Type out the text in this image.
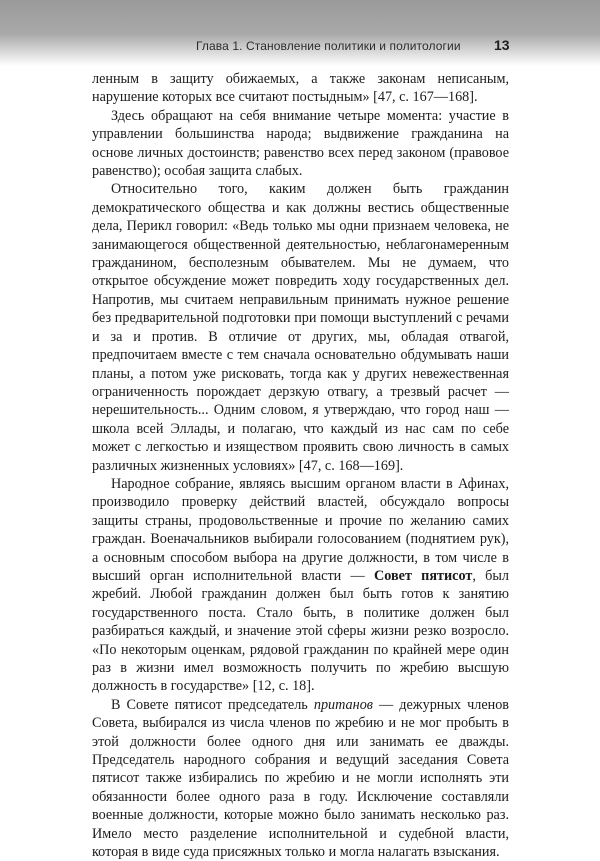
Глава 1. Становление политики и политологии 13

ленным в защиту обижаемых, а также законам неписаным, нарушение которых все считают постыдным» [47, с. 167—168].

Здесь обращают на себя внимание четыре момента: участие в управлении большинства народа; выдвижение гражданина на основе личных достоинств; равенство всех перед законом (правовое равенство); особая защита слабых.

Относительно того, каким должен быть гражданин демократического общества и как должны вестись общественные дела, Перикл говорил: «Ведь только мы одни признаем человека, не занимающегося общественной деятельностью, неблагонамеренным гражданином, бесполезным обывателем. Мы не думаем, что открытое обсуждение может повредить ходу государственных дел. Напротив, мы считаем неправильным принимать нужное решение без предварительной подготовки при помощи выступлений с речами и за и против. В отличие от других, мы, обладая отвагой, предпочитаем вместе с тем сначала основательно обдумывать наши планы, а потом уже рисковать, тогда как у других невежественная ограниченность порождает дерзкую отвагу, а трезвый расчет — нерешительность... Одним словом, я утверждаю, что город наш — школа всей Эллады, и полагаю, что каждый из нас сам по себе может с легкостью и изяществом проявить свою личность в самых различных жизненных условиях» [47, с. 168—169].

Народное собрание, являясь высшим органом власти в Афинах, производило проверку действий властей, обсуждало вопросы защиты страны, продовольственные и прочие по желанию самих граждан. Военачальников выбирали голосованием (поднятием рук), а основным способом выбора на другие должности, в том числе в высший орган исполнительной власти — Совет пятисот, был жребий. Любой гражданин должен был быть готов к занятию государственного поста. Стало быть, в политике должен был разбираться каждый, и значение этой сферы жизни резко возросло. «По некоторым оценкам, рядовой гражданин по крайней мере один раз в жизни имел возможность получить по жребию высшую должность в государстве» [12, с. 18].

В Совете пятисот председатель пританов — дежурных членов Совета, выбирался из числа членов по жребию и не мог пробыть в этой должности более одного дня или занимать ее дважды. Председатель народного собрания и ведущий заседания Совета пятисот также избирались по жребию и не могли исполнять эти обязанности более одного раза в году. Исключение составляли военные должности, которые можно было занимать несколько раз. Имело место разделение исполнительной и судебной власти, которая в виде суда присяжных только и могла налагать взыскания.
